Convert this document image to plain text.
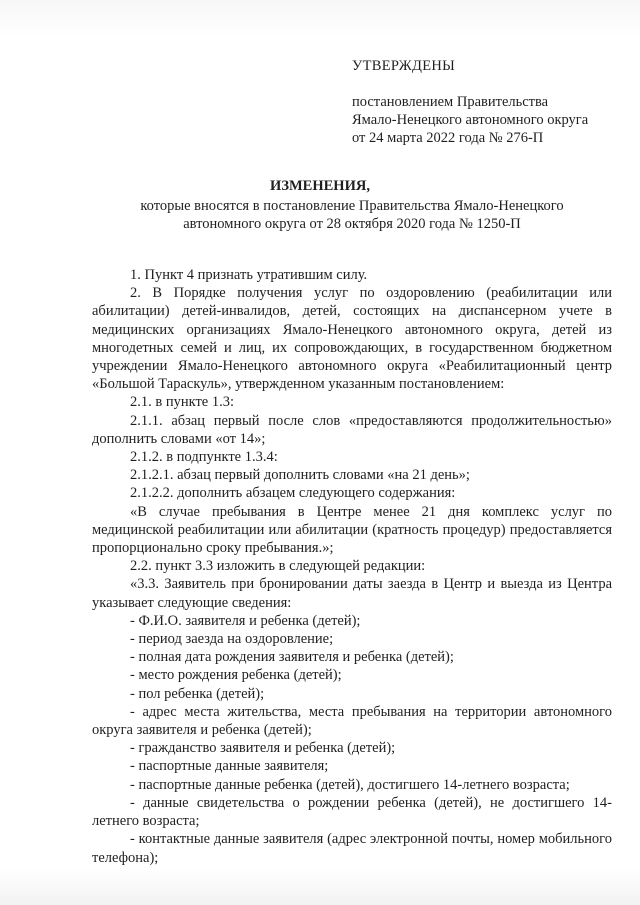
УТВЕРЖДЕНЫ
постановлением Правительства
Ямало-Ненецкого автономного округа
от 24 марта 2022 года № 276-П
ИЗМЕНЕНИЯ,
которые вносятся в постановление Правительства Ямало-Ненецкого
автономного округа от 28 октября 2020 года № 1250-П

1. Пункт 4 признать утратившим силу.

2. В Порядке получения услуг по оздоровлению (реабилитации или абилитации) детей-инвалидов, детей, состоящих на диспансерном учете в медицинских организациях Ямало-Ненецкого автономного округа, детей из многодетных семей и лиц, их сопровождающих, в государственном бюджетном учреждении Ямало-Ненецкого автономного округа «Реабилитационный центр «Большой Тараскуль», утвержденном указанным постановлением:

2.1. в пункте 1.3:

2.1.1. абзац первый после слов «предоставляются продолжительностью» дополнить словами «от 14»;

2.1.2. в подпункте 1.3.4:

2.1.2.1. абзац первый дополнить словами «на 21 день»;

2.1.2.2. дополнить абзацем следующего содержания:

«В случае пребывания в Центре менее 21 дня комплекс услуг по медицинской реабилитации или абилитации (кратность процедур) предоставляется пропорционально сроку пребывания.»;

2.2. пункт 3.3 изложить в следующей редакции:

«3.3. Заявитель при бронировании даты заезда в Центр и выезда из Центра указывает следующие сведения:

- Ф.И.О. заявителя и ребенка (детей);

- период заезда на оздоровление;

- полная дата рождения заявителя и ребенка (детей);

- место рождения ребенка (детей);

- пол ребенка (детей);

- адрес места жительства, места пребывания на территории автономного округа заявителя и ребенка (детей);

- гражданство заявителя и ребенка (детей);

- паспортные данные заявителя;

- паспортные данные ребенка (детей), достигшего 14-летнего возраста;

- данные свидетельства о рождении ребенка (детей), не достигшего 14-летнего возраста;

- контактные данные заявителя (адрес электронной почты, номер мобильного телефона);
